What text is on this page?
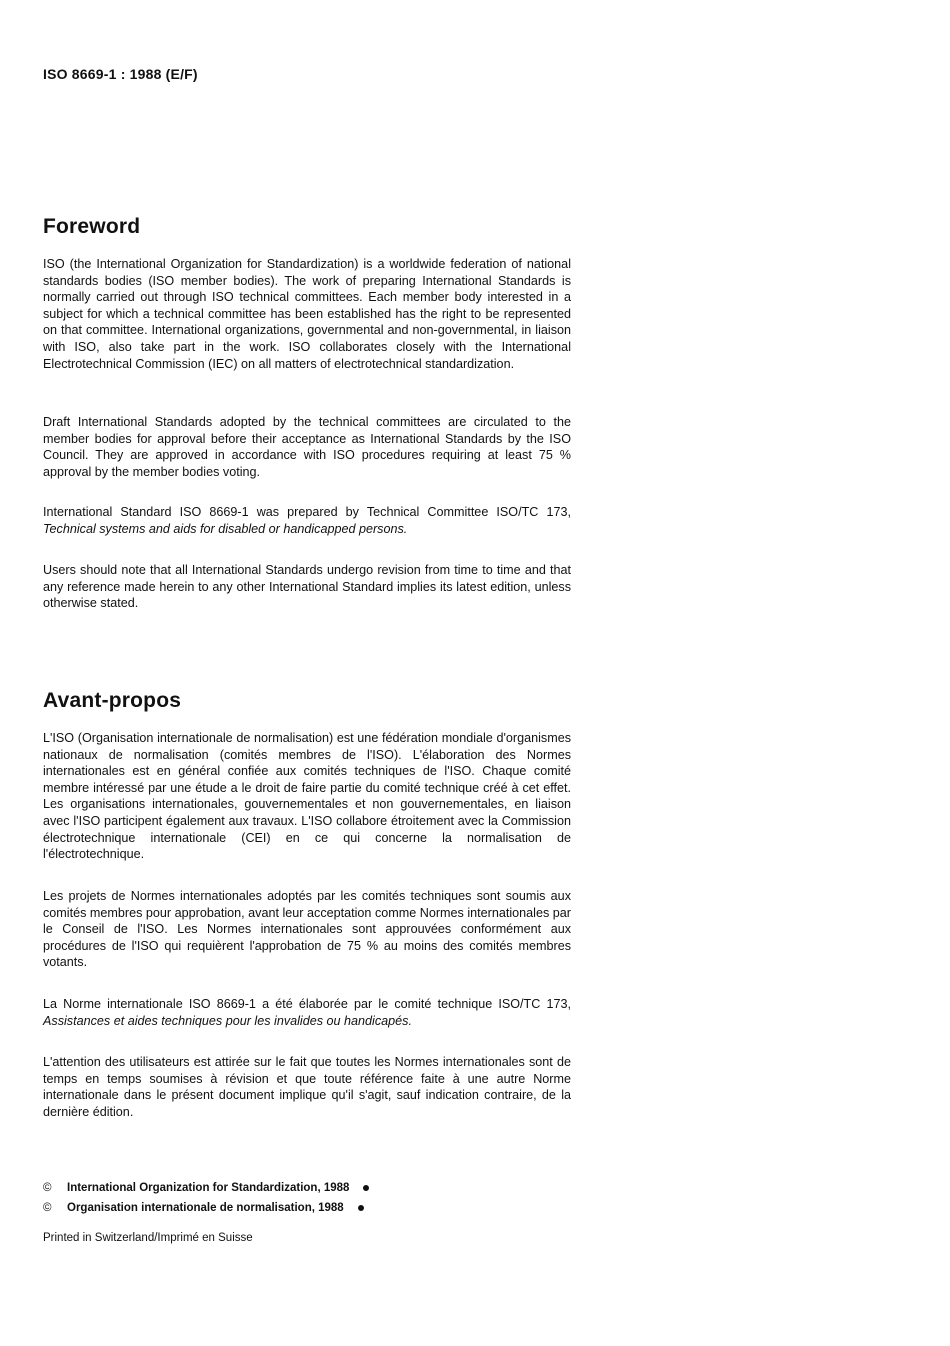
ISO 8669-1 : 1988 (E/F)
Foreword

ISO (the International Organization for Standardization) is a worldwide federation of national standards bodies (ISO member bodies). The work of preparing International Standards is normally carried out through ISO technical committees. Each member body interested in a subject for which a technical committee has been established has the right to be represented on that committee. International organizations, governmental and non-governmental, in liaison with ISO, also take part in the work. ISO collaborates closely with the International Electrotechnical Commission (IEC) on all matters of electrotechnical standardization.

Draft International Standards adopted by the technical committees are circulated to the member bodies for approval before their acceptance as International Standards by the ISO Council. They are approved in accordance with ISO procedures requiring at least 75 % approval by the member bodies voting.

International Standard ISO 8669-1 was prepared by Technical Committee ISO/TC 173, Technical systems and aids for disabled or handicapped persons.

Users should note that all International Standards undergo revision from time to time and that any reference made herein to any other International Standard implies its latest edition, unless otherwise stated.

Avant-propos

L'ISO (Organisation internationale de normalisation) est une fédération mondiale d'organismes nationaux de normalisation (comités membres de l'ISO). L'élaboration des Normes internationales est en général confiée aux comités techniques de l'ISO. Chaque comité membre intéressé par une étude a le droit de faire partie du comité technique créé à cet effet. Les organisations internationales, gouvernementales et non gouvernementales, en liaison avec l'ISO participent également aux travaux. L'ISO collabore étroitement avec la Commission électrotechnique internationale (CEI) en ce qui concerne la normalisation de l'électrotechnique.

Les projets de Normes internationales adoptés par les comités techniques sont soumis aux comités membres pour approbation, avant leur acceptation comme Normes internationales par le Conseil de l'ISO. Les Normes internationales sont approuvées conformément aux procédures de l'ISO qui requièrent l'approbation de 75 % au moins des comités membres votants.

La Norme internationale ISO 8669-1 a été élaborée par le comité technique ISO/TC 173, Assistances et aides techniques pour les invalides ou handicapés.

L'attention des utilisateurs est attirée sur le fait que toutes les Normes internationales sont de temps en temps soumises à révision et que toute référence faite à une autre Norme internationale dans le présent document implique qu'il s'agit, sauf indication contraire, de la dernière édition.

© International Organization for Standardization, 1988
© Organisation internationale de normalisation, 1988
Printed in Switzerland/Imprimé en Suisse
